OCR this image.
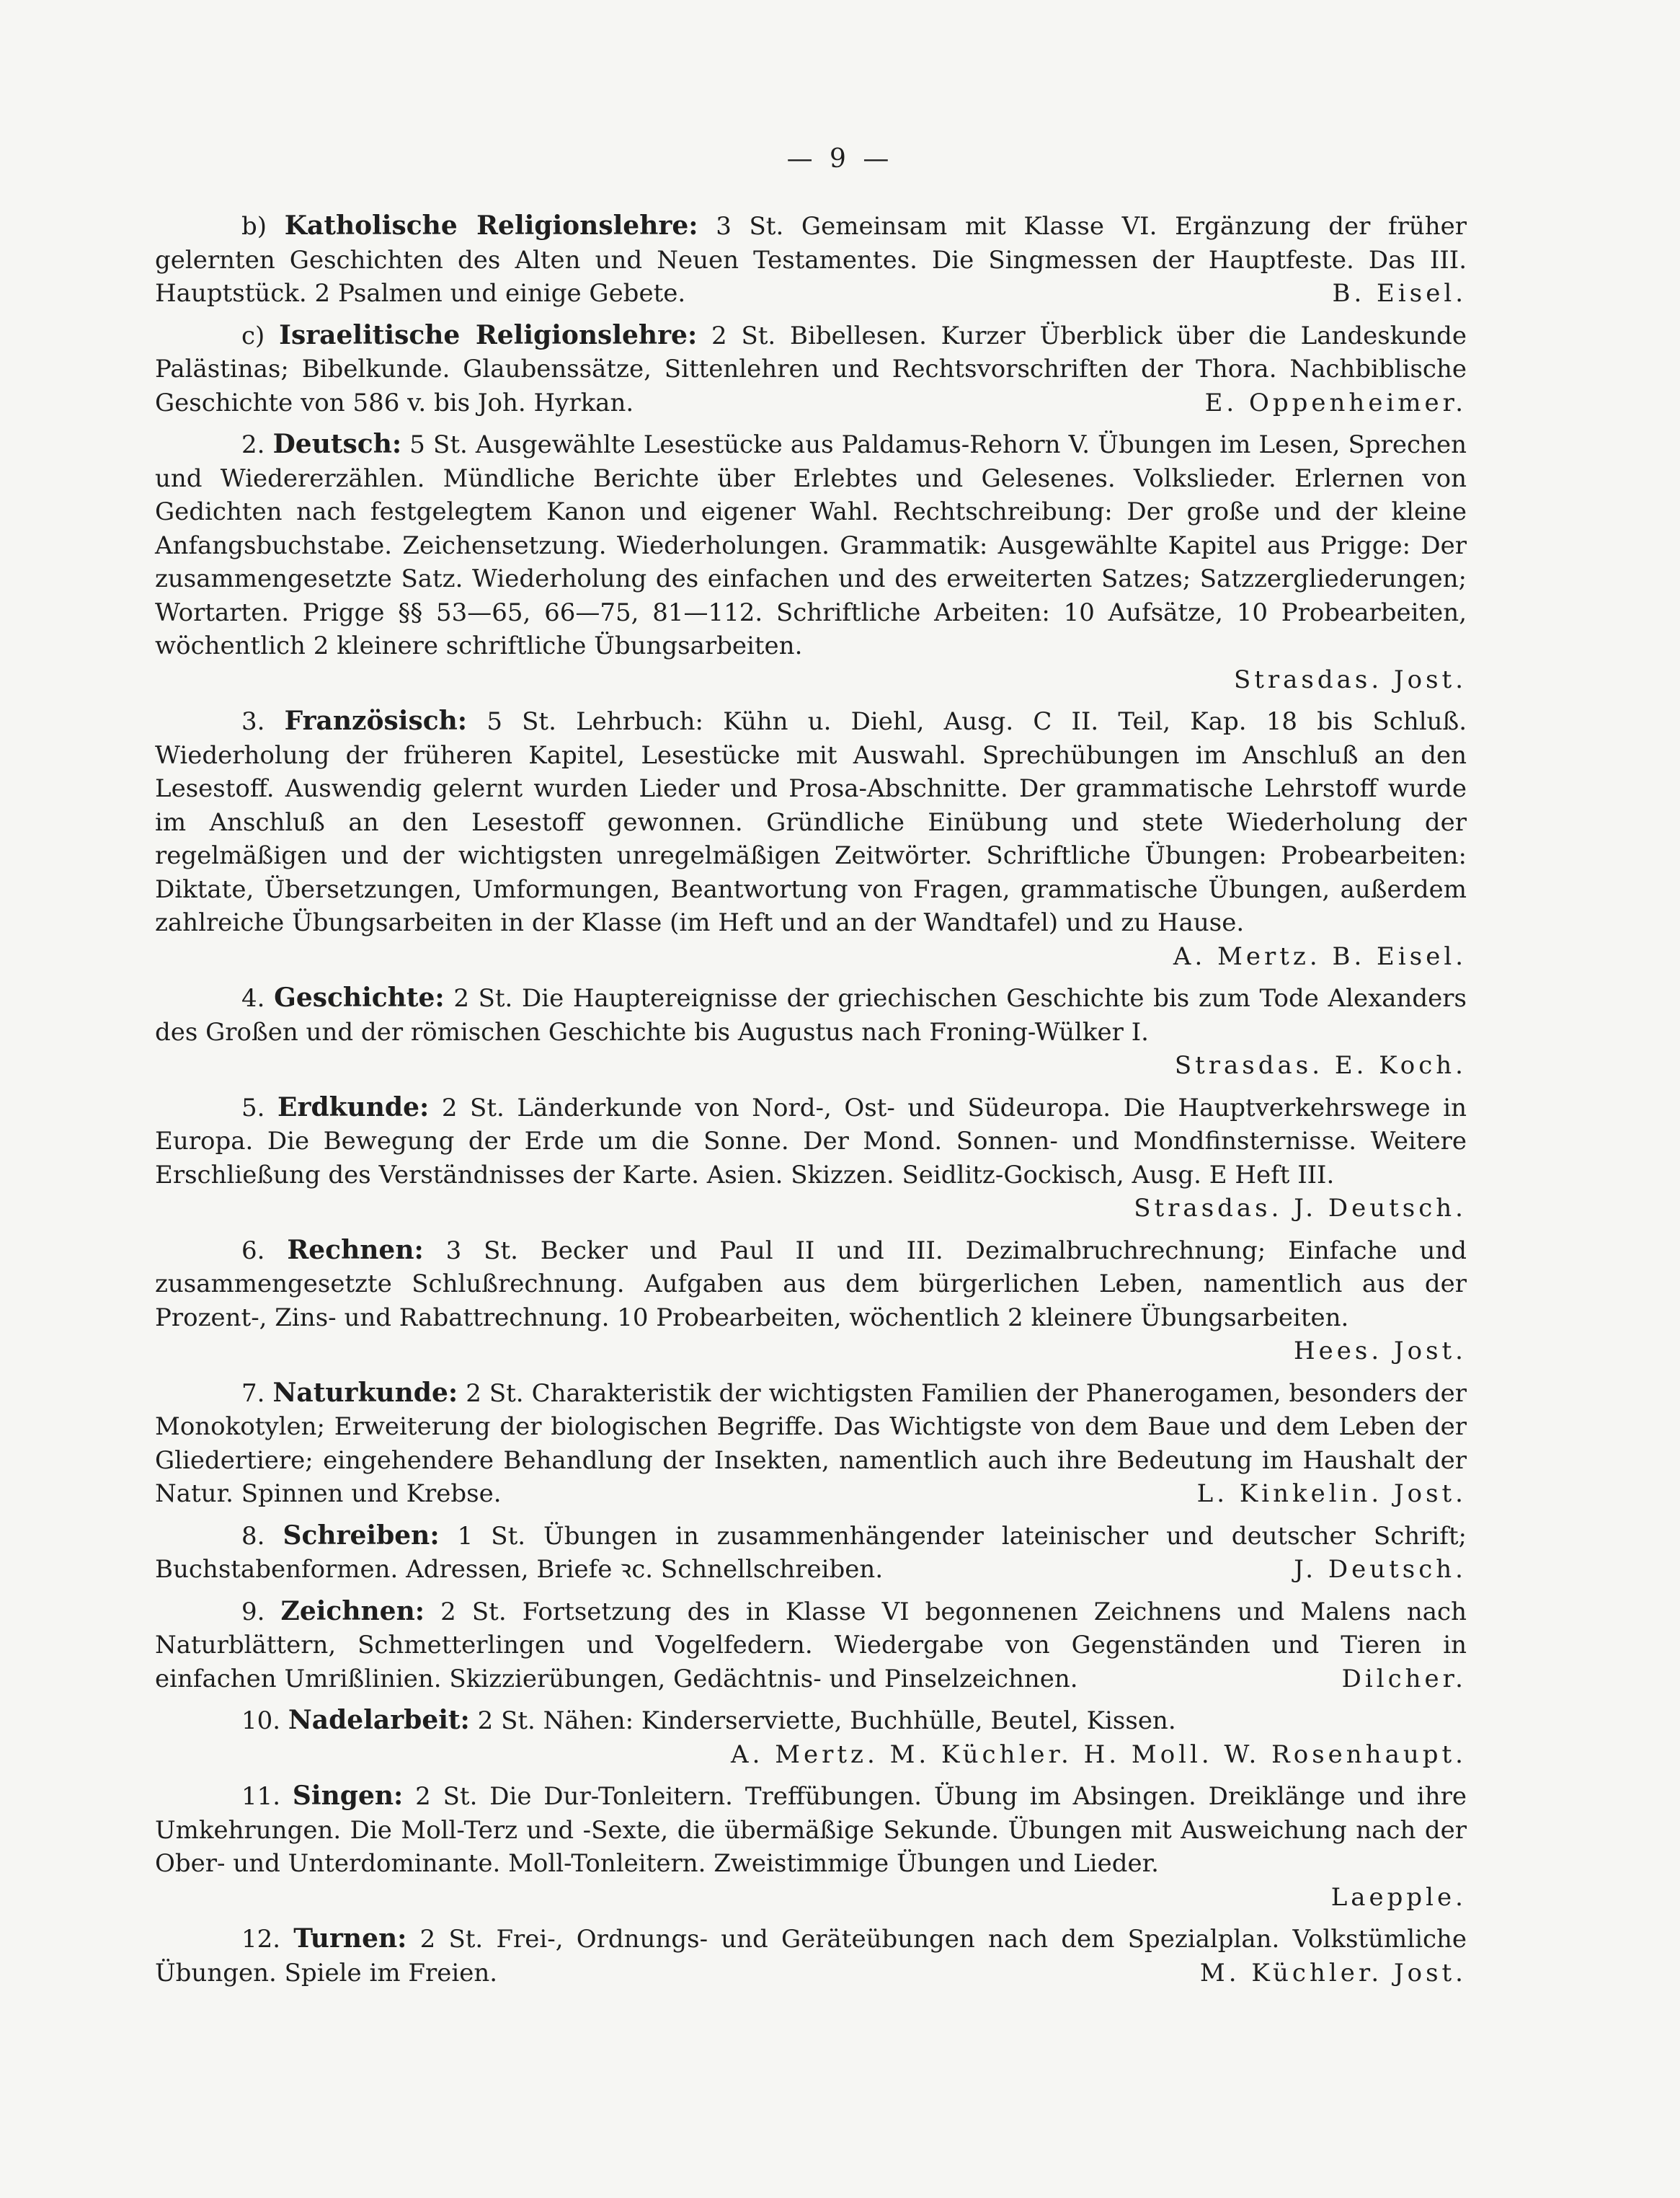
— 9 —

b) Katholische Religionslehre: 3 St. Gemeinsam mit Klasse VI. Ergänzung der früher gelernten Geschichten des Alten und Neuen Testamentes. Die Singmessen der Hauptfeste. Das III. Hauptstück. 2 Psalmen und einige Gebete.	B. Eisel.

c) Israelitische Religionslehre: 2 St. Bibellesen. Kurzer Überblick über die Landeskunde Palästinas; Bibelkunde. Glaubenssätze, Sittenlehren und Rechtsvorschriften der Thora. Nachbiblische Geschichte von 586 v. bis Joh. Hyrkan.	E. Oppenheimer.

2. Deutsch: 5 St. Ausgewählte Lesestücke aus Paldamus-Rehorn V. Übungen im Lesen, Sprechen und Wiedererzählen. Mündliche Berichte über Erlebtes und Gelesenes. Volkslieder. Erlernen von Gedichten nach festgelegtem Kanon und eigener Wahl. Rechtschreibung: Der große und der kleine Anfangsbuchstabe. Zeichensetzung. Wiederholungen. Grammatik: Ausgewählte Kapitel aus Prigge: Der zusammengesetzte Satz. Wiederholung des einfachen und des erweiterten Satzes; Satzzergliederungen; Wortarten. Prigge §§ 53—65, 66—75, 81—112. Schriftliche Arbeiten: 10 Aufsätze, 10 Probearbeiten, wöchentlich 2 kleinere schriftliche Übungsarbeiten.

Strasdas. Jost.

3. Französisch: 5 St. Lehrbuch: Kühn u. Diehl, Ausg. C II. Teil, Kap. 18 bis Schluß. Wiederholung der früheren Kapitel, Lesestücke mit Auswahl. Sprechübungen im Anschluß an den Lesestoff. Auswendig gelernt wurden Lieder und Prosa-Abschnitte. Der grammatische Lehrstoff wurde im Anschluß an den Lesestoff gewonnen. Gründliche Einübung und stete Wiederholung der regelmäßigen und der wichtigsten unregelmäßigen Zeitwörter. Schriftliche Übungen: Probearbeiten: Diktate, Übersetzungen, Umformungen, Beantwortung von Fragen, grammatische Übungen, außerdem zahlreiche Übungsarbeiten in der Klasse (im Heft und an der Wandtafel) und zu Hause.

A. Mertz. B. Eisel.

4. Geschichte: 2 St. Die Hauptereignisse der griechischen Geschichte bis zum Tode Alexanders des Großen und der römischen Geschichte bis Augustus nach Froning-Wülker I.

Strasdas. E. Koch.

5. Erdkunde: 2 St. Länderkunde von Nord-, Ost- und Südeuropa. Die Hauptverkehrswege in Europa. Die Bewegung der Erde um die Sonne. Der Mond. Sonnen- und Mondfinsternisse. Weitere Erschließung des Verständnisses der Karte. Asien. Skizzen. Seidlitz-Gockisch, Ausg. E Heft III.

Strasdas. J. Deutsch.

6. Rechnen: 3 St. Becker und Paul II und III. Dezimalbruchrechnung; Einfache und zusammengesetzte Schlußrechnung. Aufgaben aus dem bürgerlichen Leben, namentlich aus der Prozent-, Zins- und Rabattrechnung. 10 Probearbeiten, wöchentlich 2 kleinere Übungsarbeiten.

Hees. Jost.

7. Naturkunde: 2 St. Charakteristik der wichtigsten Familien der Phanerogamen, besonders der Monokotylen; Erweiterung der biologischen Begriffe. Das Wichtigste von dem Baue und dem Leben der Gliedertiere; eingehendere Behandlung der Insekten, namentlich auch ihre Bedeutung im Haushalt der Natur. Spinnen und Krebse.	L. Kinkelin. Jost.

8. Schreiben: 1 St. Übungen in zusammenhängender lateinischer und deutscher Schrift; Buchstabenformen. Adressen, Briefe ꝛc. Schnellschreiben.	J. Deutsch.

9. Zeichnen: 2 St. Fortsetzung des in Klasse VI begonnenen Zeichnens und Malens nach Naturblättern, Schmetterlingen und Vogelfedern. Wiedergabe von Gegenständen und Tieren in einfachen Umrißlinien. Skizzierübungen, Gedächtnis- und Pinselzeichnen.	Dilcher.

10. Nadelarbeit: 2 St. Nähen: Kinderserviette, Buchhülle, Beutel, Kissen.

A. Mertz. M. Küchler. H. Moll. W. Rosenhaupt.

11. Singen: 2 St. Die Dur-Tonleitern. Treffübungen. Übung im Absingen. Dreiklänge und ihre Umkehrungen. Die Moll-Terz und -Sexte, die übermäßige Sekunde. Übungen mit Ausweichung nach der Ober- und Unterdominante. Moll-Tonleitern. Zweistimmige Übungen und Lieder.

Laepple.

12. Turnen: 2 St. Frei-, Ordnungs- und Geräteübungen nach dem Spezialplan. Volkstümliche Übungen. Spiele im Freien.	M. Küchler. Jost.
